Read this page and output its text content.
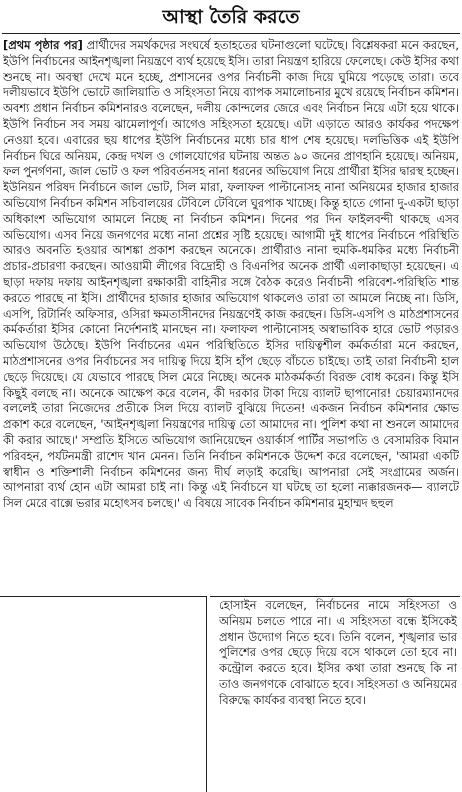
আস্থা তৈরি করতে

[প্রথম পৃষ্ঠার পর] প্রার্থীদের সমর্থকদের সংঘর্ষে হতাহতের ঘটনাগুলো ঘটেছে। বিশ্লেষকরা মনে করছেন, ইউপি নির্বাচনের আইনশৃঙ্খলা নিয়ন্ত্রণে ব্যর্থ হয়েছে ইসি। তারা নিয়ন্ত্রণ হারিয়ে ফেলেছে। কেউ ইসির কথা শুনছে না। অবস্থা দেখে মনে হচ্ছে, প্রশাসনের ওপর নির্বাচনী কাজ দিয়ে ঘুমিয়ে পড়েছে তারা। তবে দলীয়ভাবে ইউপি ভোটে জালিয়াতি ও সহিংসতা নিয়ে ব্যাপক সমালোচনার মুখে রয়েছে নির্বাচন কমিশন। অবশ্য প্রধান নির্বাচন কমিশনারও বলেছেন, দলীয় কোন্দলের জেরে এবং নির্বাচন নিয়ে এটা হয়ে থাকে। ইউপি নির্বাচন সব সময় ঝামেলাপূর্ণ। আগেও সহিংসতা হয়েছে। এটা এড়াতে আরও কার্যকর পদক্ষেপ নেওয়া হবে। এবারের ছয় ধাপের ইউপি নির্বাচনের মধ্যে চার ধাপ শেষ হয়েছে। দলভিত্তিক এই ইউপি নির্বাচন ঘিরে অনিয়ম, কেন্দ্র দখল ও গোলযোগের ঘটনায় অন্তত ৯০ জনের প্রাণহানি হয়েছে। অনিয়ম, ফল পুনর্গণনা, জাল ভোট ও ফল পরিবর্তনসহ নানা ধরনের অভিযোগ নিয়ে প্রার্থীরা ইসির দ্বারস্থ হচ্ছেন। ইউনিয়ন পরিষদ নির্বাচনে জাল ভোট, সিল মারা, ফলাফল পাল্টানোসহ নানা অনিয়মের হাজার হাজার অভিযোগ নির্বাচন কমিশন সচিবালয়ের টেবিলে টেবিলে ঘুরপাক খাচ্ছে। কিন্তু হাতে গোনা দু-একটা ছাড়া অধিকাংশ অভিযোগ আমলে নিচ্ছে না নির্বাচন কমিশন। দিনের পর দিন ফাইলবন্দী থাকছে এসব অভিযোগ। এসব নিয়ে জনগণের মধ্যে নানা প্রশ্নের সৃষ্টি হয়েছে। আগামী দুই ধাপের নির্বাচনে পরিস্থিতি আরও অবনতি হওয়ার আশঙ্কা প্রকাশ করছেন অনেকে। প্রার্থীরাও নানা হুমকি-ধমকির মধ্যে নির্বাচনী প্রচার-প্রচারণা করছেন। আওয়ামী লীগের বিদ্রোহী ও বিএনপির অনেক প্রার্থী এলাকাছাড়া হয়েছেন। এ ছাড়া দফায় দফায় আইনশৃঙ্খলা রক্ষাকারী বাহিনীর সঙ্গে বৈঠক করেও নির্বাচনী পরিবেশ-পরিস্থিতি শান্ত করতে পারছে না ইসি। প্রার্থীদের হাজার হাজার অভিযোগ থাকলেও তারা তা আমলে নিচ্ছে না। ডিসি, এসপি, রিটার্নিং অফিসার, ওসিরা ক্ষমতাসীনদের নিয়ন্ত্রণেই কাজ করছেন। ডিসি-এসপি ও মাঠপ্রশাসনের কর্মকর্তারা ইসির কোনো নির্দেশনাই মানছেন না। ফলাফল পাল্টানোসহ অস্বাভাবিক হারে ভোট পড়ারও অভিযোগ উঠেছে। ইউপি নির্বাচনের এমন পরিস্থিতিতে ইসির দায়িত্বশীল কর্মকর্তারা মনে করছেন, মাঠপ্রশাসনের ওপর নির্বাচনের সব দায়িত্ব দিয়ে ইসি হাঁপ ছেড়ে বাঁচতে চাইছে। তাই তারা নির্বাচনী হাল ছেড়ে দিয়েছে। যে যেভাবে পারছে সিল মেরে নিচ্ছে। অনেক মাঠকর্মকর্তা বিরক্ত বোধ করেন। কিন্তু ইসি কিছুই বলছে না। অনেকে আক্ষেপ করে বলেন, কী দরকার টাকা দিয়ে ব্যালট ছাপানোর! চেয়ারম্যানদের বললেই তারা নিজেদের প্রতীকে সিল দিয়ে ব্যালট বুঝিয়ে দিতেন! একজন নির্বাচন কমিশনার ক্ষোভ প্রকাশ করে বলেছেন, 'আইনশৃঙ্খলা নিয়ন্ত্রণের দায়িত্ব তো আমাদের না। পুলিশ কথা না শুনলে আমাদের কী করার আছে।' সম্প্রতি ইসিতে অভিযোগ জানিয়েছেন ওয়ার্কার্স পার্টির সভাপতি ও বেসামরিক বিমান পরিবহন, পর্যটনমন্ত্রী রাশেদ খান মেনন। তিনি নির্বাচন কমিশনকে উদ্দেশ করে বলেছেন, 'আমরা একটি স্বাধীন ও শক্তিশালী নির্বাচন কমিশনের জন্য দীর্ঘ লড়াই করেছি। আপনারা সেই সংগ্রামের অর্জন। আপনারা ব্যর্থ হোন এটা আমরা চাই না। কিন্তু এই নির্বাচনে যা ঘটছে তা হলো ন্যক্কারজনক— ব্যালটে সিল মেরে বাক্সে ভরার মহোৎসব চলছে।' এ বিষয়ে সাবেক নির্বাচন কমিশনার মুহাম্মদ ছহুল

হোসাইন বলেছেন, নির্বাচনের নামে সহিংসতা ও অনিয়ম চলতে পারে না। এ সহিংসতা বন্ধে ইসিকেই প্রধান উদ্যোগ নিতে হবে। তিনি বলেন, শৃঙ্খলার ভার পুলিশের ওপর ছেড়ে দিয়ে বসে থাকলে তো হবে না। কন্ট্রোল করতে হবে। ইসির কথা তারা শুনছে কি না তাও জনগণকে বোঝাতে হবে। সহিংসতা ও অনিয়মের বিরুদ্ধে কার্যকর ব্যবস্থা নিতে হবে।
